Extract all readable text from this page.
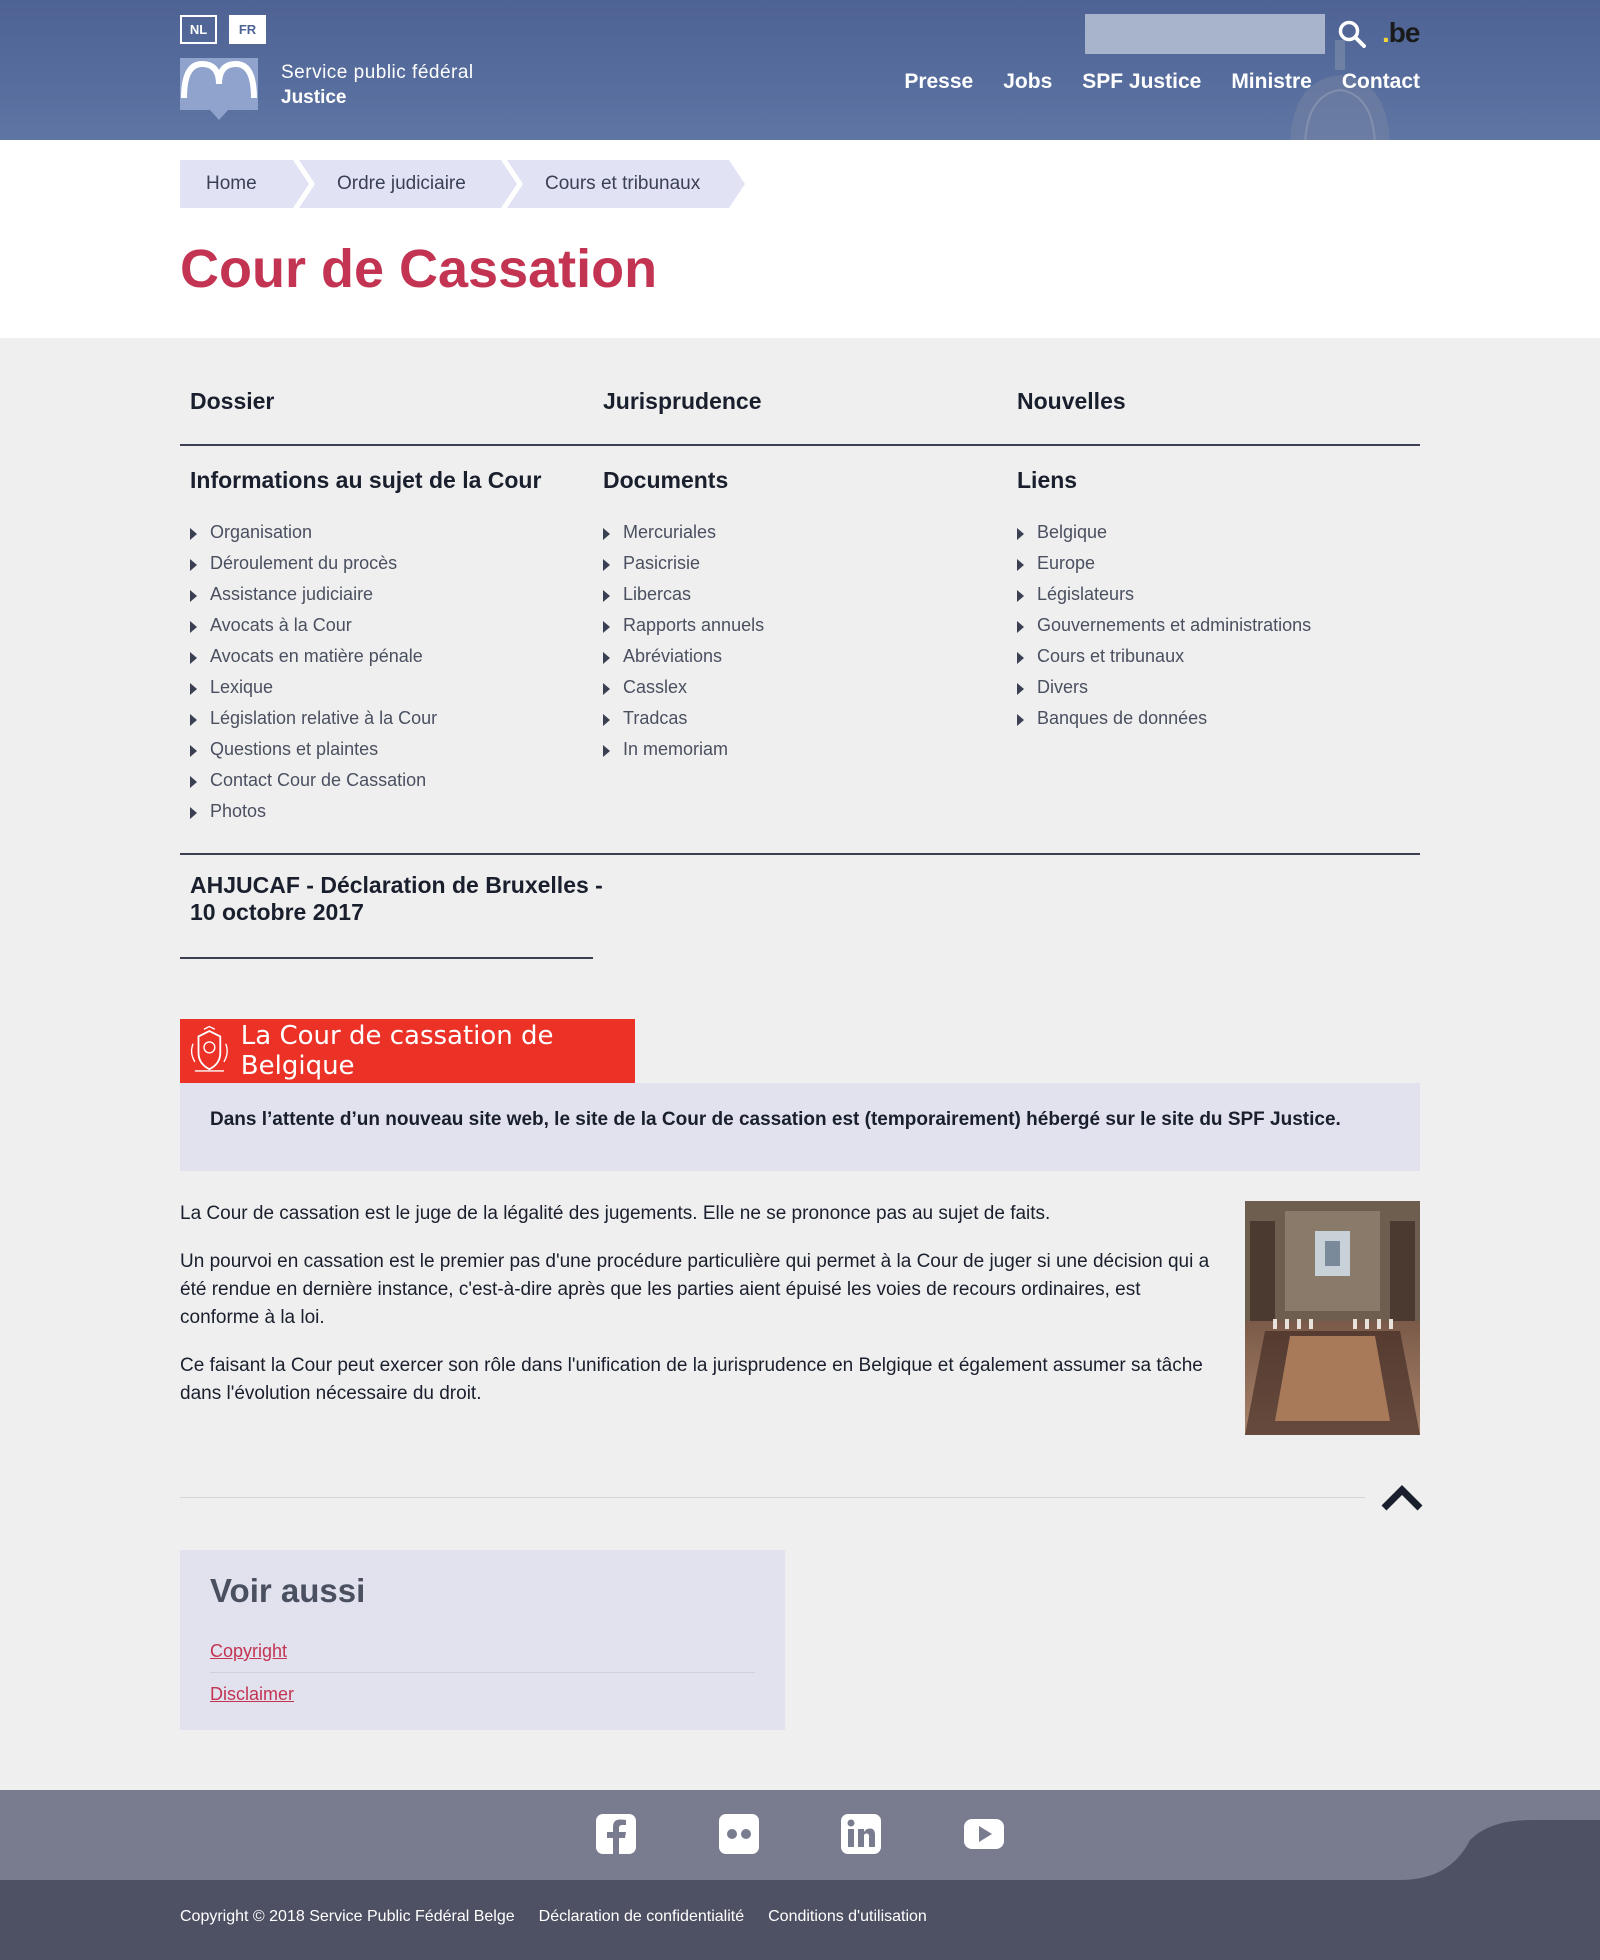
NL	FR
Service public fédéral
Justice
.be
Presse Jobs SPF Justice Ministre Contact
Home	Ordre judiciaire	Cours et tribunaux
Cour de Cassation
Dossier	Jurisprudence	Nouvelles
Informations au sujet de la Cour	Documents	Liens
Organisation
Déroulement du procès
Assistance judiciaire
Avocats à la Cour
Avocats en matière pénale
Lexique
Législation relative à la Cour
Questions et plaintes
Contact Cour de Cassation
Photos
Mercuriales
Pasicrisie
Libercas
Rapports annuels
Abréviations
Casslex
Tradcas
In memoriam
Belgique
Europe
Législateurs
Gouvernements et administrations
Cours et tribunaux
Divers
Banques de données
AHJUCAF - Déclaration de Bruxelles - 10 octobre 2017
La Cour de cassation de Belgique
Dans l’attente d’un nouveau site web, le site de la Cour de cassation est (temporairement) hébergé sur le site du SPF Justice.

La Cour de cassation est le juge de la légalité des jugements. Elle ne se prononce pas au sujet de faits.

Un pourvoi en cassation est le premier pas d'une procédure particulière qui permet à la Cour de juger si une décision qui a été rendue en dernière instance, c'est-à-dire après que les parties aient épuisé les voies de recours ordinaires, est conforme à la loi.

Ce faisant la Cour peut exercer son rôle dans l'unification de la jurisprudence en Belgique et également assumer sa tâche dans l'évolution nécessaire du droit.

Voir aussi
Copyright
Disclaimer
Copyright © 2018 Service Public Fédéral Belge Déclaration de confidentialité Conditions d'utilisation
